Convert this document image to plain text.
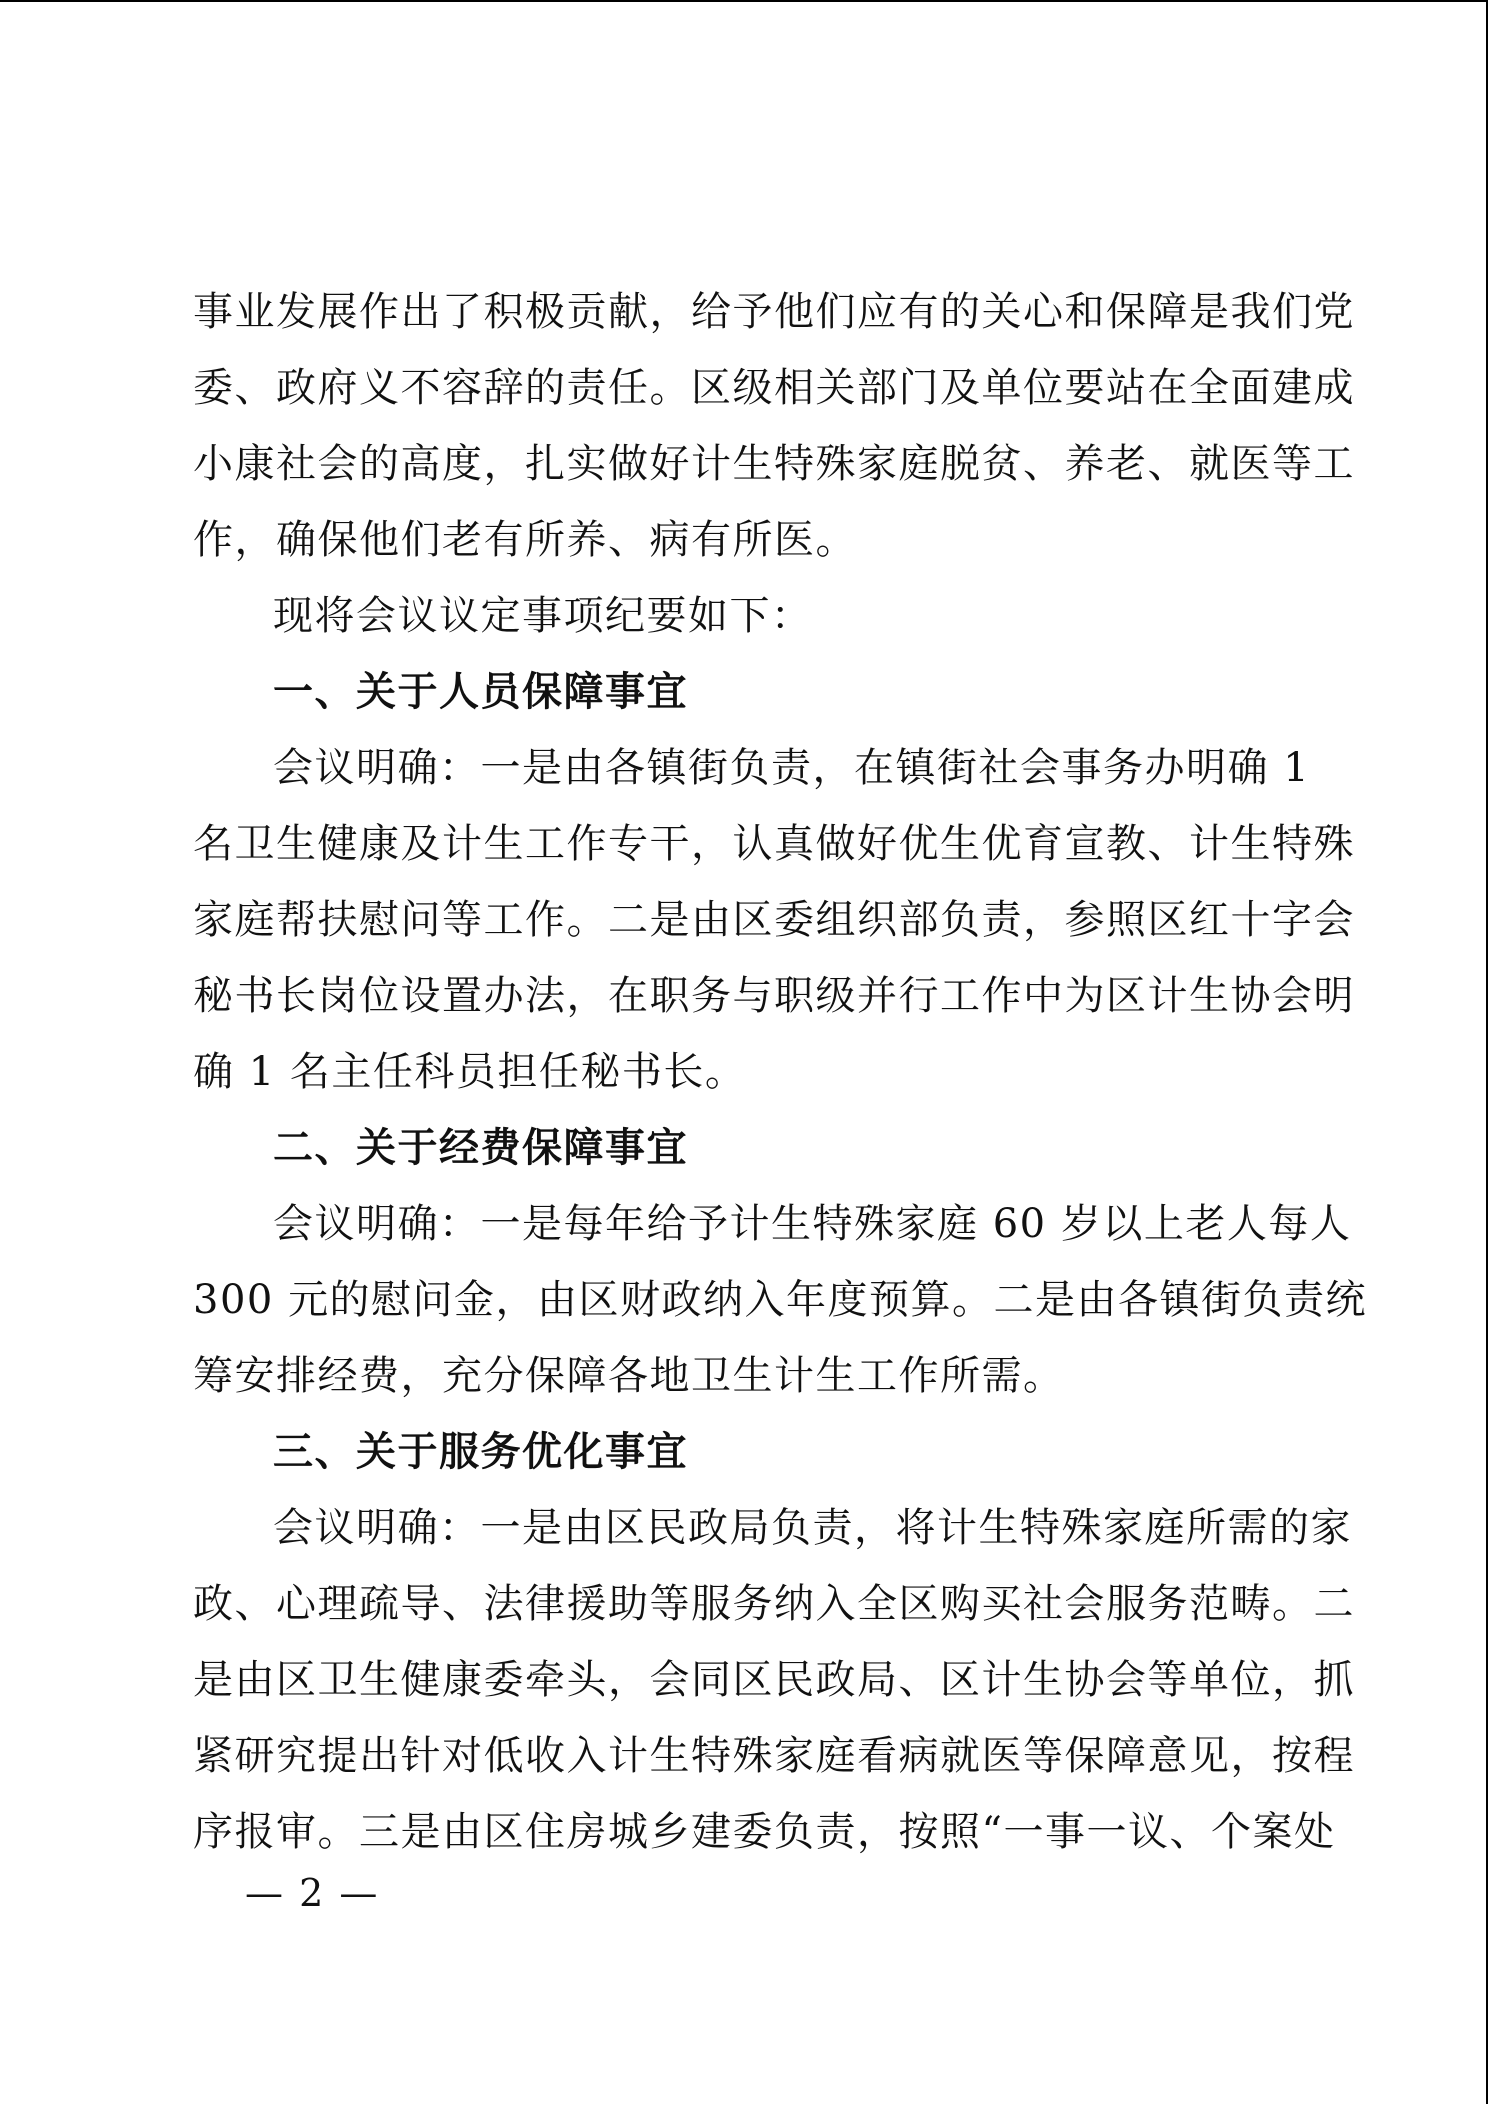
事业发展作出了积极贡献，给予他们应有的关心和保障是我们党
委、政府义不容辞的责任。区级相关部门及单位要站在全面建成
小康社会的高度，扎实做好计生特殊家庭脱贫、养老、就医等工
作，确保他们老有所养、病有所医。
现将会议议定事项纪要如下：
一、关于人员保障事宜
会议明确：一是由各镇街负责，在镇街社会事务办明确 1
名卫生健康及计生工作专干，认真做好优生优育宣教、计生特殊
家庭帮扶慰问等工作。二是由区委组织部负责，参照区红十字会
秘书长岗位设置办法，在职务与职级并行工作中为区计生协会明
确 1 名主任科员担任秘书长。
二、关于经费保障事宜
会议明确：一是每年给予计生特殊家庭 60 岁以上老人每人
300 元的慰问金，由区财政纳入年度预算。二是由各镇街负责统
筹安排经费，充分保障各地卫生计生工作所需。
三、关于服务优化事宜
会议明确：一是由区民政局负责，将计生特殊家庭所需的家
政、心理疏导、法律援助等服务纳入全区购买社会服务范畴。二
是由区卫生健康委牵头，会同区民政局、区计生协会等单位，抓
紧研究提出针对低收入计生特殊家庭看病就医等保障意见，按程
序报审。三是由区住房城乡建委负责，按照“一事一议、个案处
— 2 —
